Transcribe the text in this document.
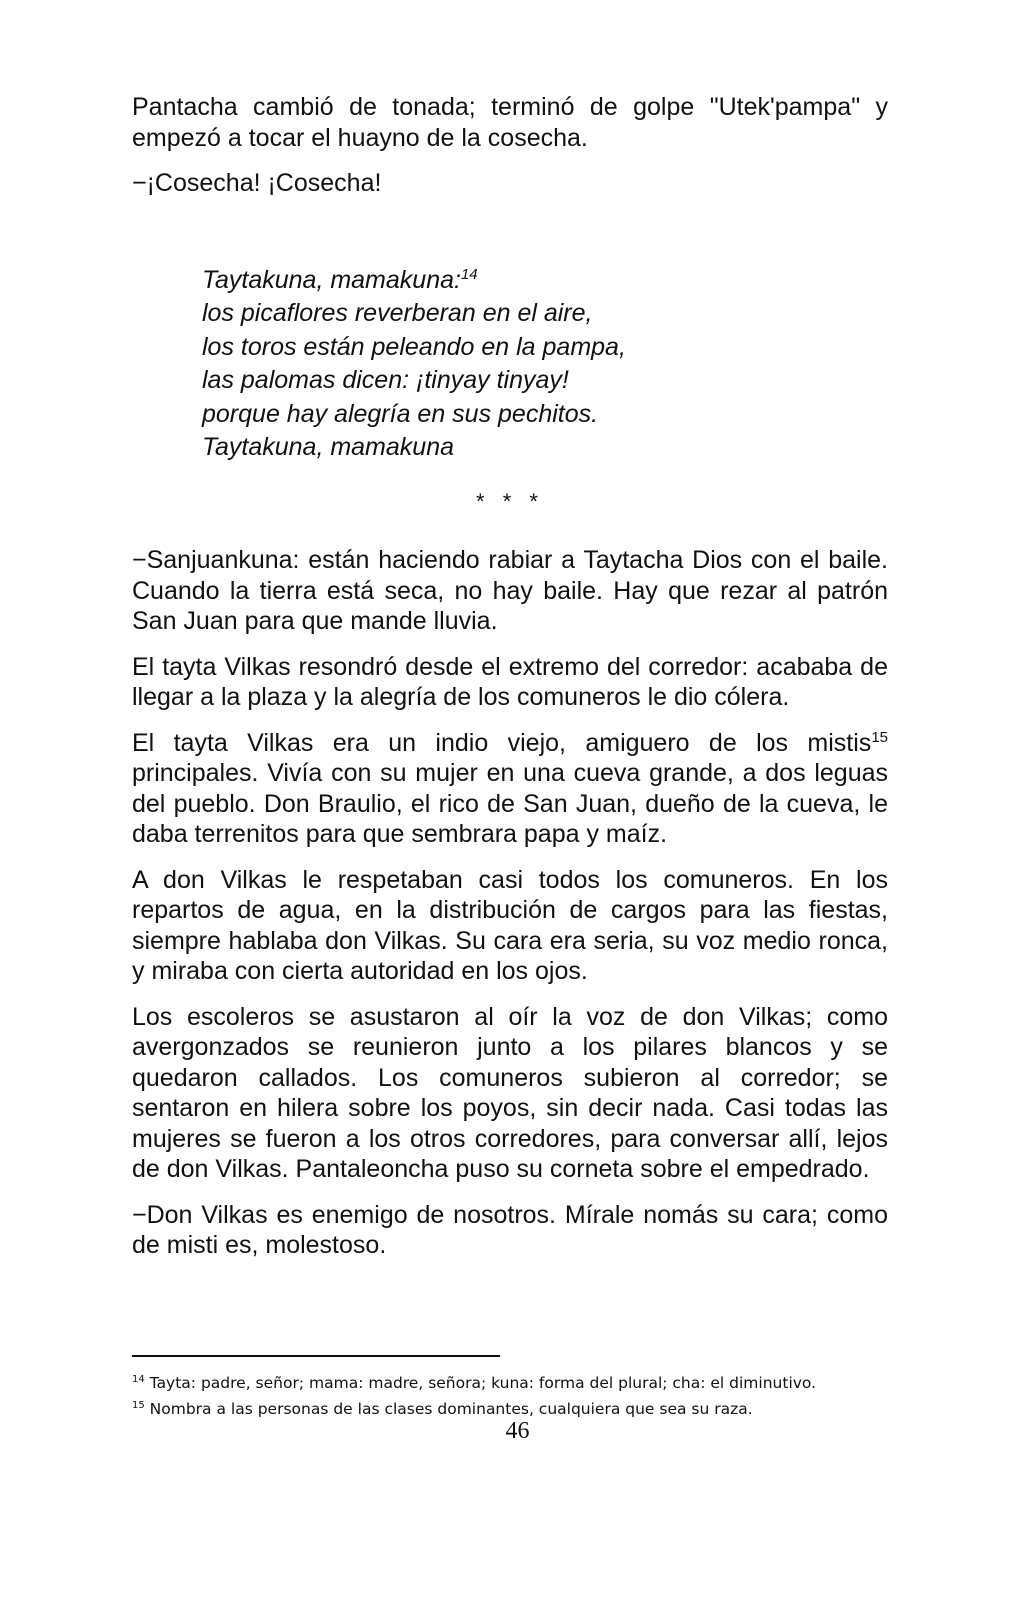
Pantacha cambió de tonada; terminó de golpe "Utek'pampa" y empezó a tocar el huayno de la cosecha.

−¡Cosecha! ¡Cosecha!

Taytakuna, mamakuna:$^{14}$
los picaflores reverberan en el aire,
los toros están peleando en la pampa,
las palomas dicen: ¡tinyay tinyay!
porque hay alegría en sus pechitos.
Taytakuna, mamakuna
* * *

−Sanjuankuna: están haciendo rabiar a Taytacha Dios con el baile. Cuando la tierra está seca, no hay baile. Hay que rezar al patrón San Juan para que mande lluvia.

El tayta Vilkas resondró desde el extremo del corredor: acababa de llegar a la plaza y la alegría de los comuneros le dio cólera.

El tayta Vilkas era un indio viejo, amiguero de los mistis$^{15}$ principales. Vivía con su mujer en una cueva grande, a dos leguas del pueblo. Don Braulio, el rico de San Juan, dueño de la cueva, le daba terrenitos para que sembrara papa y maíz.

A don Vilkas le respetaban casi todos los comuneros. En los repartos de agua, en la distribución de cargos para las fiestas, siempre hablaba don Vilkas. Su cara era seria, su voz medio ronca, y miraba con cierta autoridad en los ojos.

Los escoleros se asustaron al oír la voz de don Vilkas; como avergonzados se reunieron junto a los pilares blancos y se quedaron callados. Los comuneros subieron al corredor; se sentaron en hilera sobre los poyos, sin decir nada. Casi todas las mujeres se fueron a los otros corredores, para conversar allí, lejos de don Vilkas. Pantaleoncha puso su corneta sobre el empedrado.

−Don Vilkas es enemigo de nosotros. Mírale nomás su cara; como de misti es, molestoso.

$^{14}$ Tayta: padre, señor; mama: madre, señora; kuna: forma del plural; cha: el diminutivo.
$^{15}$ Nombra a las personas de las clases dominantes, cualquiera que sea su raza.
46
